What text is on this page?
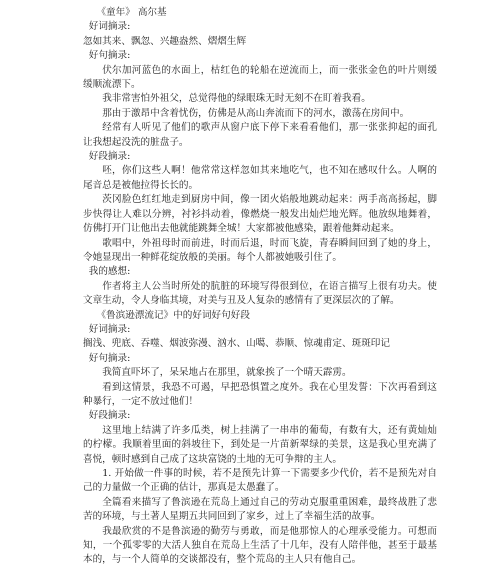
《童年》 高尔基

好词摘录:

忽如其来、飘忽、兴趣盎然、熠熠生辉

好句摘录:

伏尔加河蓝色的水面上，枯红色的轮船在逆流而上，而一张张金色的叶片则缓缓顺流漂下。

我非常害怕外祖父，总觉得他的绿眼珠无时无刻不在盯着我看。

那由于激昂中含着忧伤，仿佛是从高山奔流而下的河水，激荡在房间中。

经常有人听见了他们的歌声从窗户底下停下来看看他们，那一张张抑起的面孔让我想起没洗的脏盘子。

好段摘录:

呸，你们这些人啊！他常常这样忽如其来地吃气，也不知在感叹什么。人啊的尾音总是被他拉得长长的。

茨冈脸色红红地走到厨房中间，像一团火焰般地跳动起来：两手高高扬起，脚步快得让人难以分辨，衬衫抖动着，像燃烧一般发出灿烂地光辉。他放纵地舞着，仿佛打开门让他出去他就能跳舞全城！大家都被他感染，跟着他舞动起来。

歌唱中，外祖母时而前进，时而后退，时而飞旋，青春瞬间回到了她的身上，令她显现出一种鲜花绽放般的美丽。每个人都被她吸引住了。

我的感想:

作者将主人公当时所处的肮脏的环境写得很到位，在语言描写上很有功夫。使文章生动，令人身临其境，对美与丑及人复杂的感情有了更深层次的了解。

《鲁滨逊漂流记》中的好词好句好段

好词摘录:

搁浅、兜底、吞噬、烟波弥漫、汹水、山噶、恭顺、惊魂甫定、斑斑印记

好句摘录:

我简直吓坏了，呆呆地占在那里，就象挨了一个晴天霹雳。

看到这情景，我恐不可遏，早把恐惧置之度外。我在心里发誓：下次再看到这种暴行，一定不放过他们！

好段摘录:

这里地上结满了许多瓜类，树上挂满了一串串的葡萄，有数有大，还有黄灿灿的柠檬。我顺着里面的斜坡往下，到处是一片苗新翠绿的美景，这是我心里充满了喜悦，顿时感到自己成了这块富饶的土地的无可争辩的主人。

1. 开始做一件事的时候，若不是预先计算一下需要多少代价，若不是预先对自己的力量做一个正确的估计，那真是太愚蠢了。

全篇看来描写了鲁滨逊在荒岛上通过自己的劳动克服重重困难，最终战胜了悲苦的环境，与土著人星期五共同回到了家乡，过上了幸福生活的故事。

我最欣赏的不是鲁滨逊的勤劳与勇敢，而是他那惊人的心理承受能力。可想而知，一个孤零零的大活人独自在荒岛上生活了十几年，没有人陪伴他，甚至于最基本的，与一个人简单的交谈都没有，整个荒岛的主人只有他自己。
